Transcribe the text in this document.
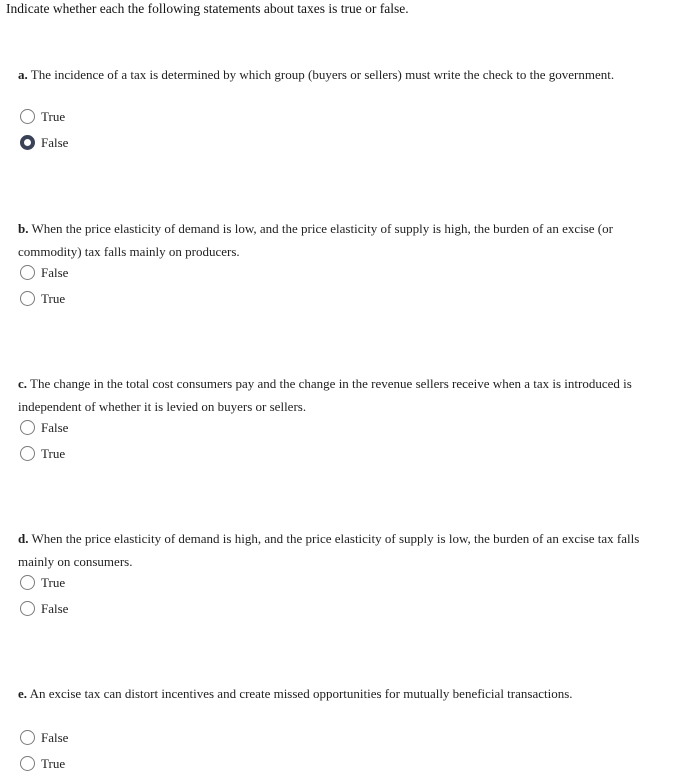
Indicate whether each the following statements about taxes is true or false.

a. The incidence of a tax is determined by which group (buyers or sellers) must write the check to the government.

True
False

b. When the price elasticity of demand is low, and the price elasticity of supply is high, the burden of an excise (or commodity) tax falls mainly on producers.

False
True

c. The change in the total cost consumers pay and the change in the revenue sellers receive when a tax is introduced is independent of whether it is levied on buyers or sellers.

False
True

d. When the price elasticity of demand is high, and the price elasticity of supply is low, the burden of an excise tax falls mainly on consumers.

True
False

e. An excise tax can distort incentives and create missed opportunities for mutually beneficial transactions.

False
True
